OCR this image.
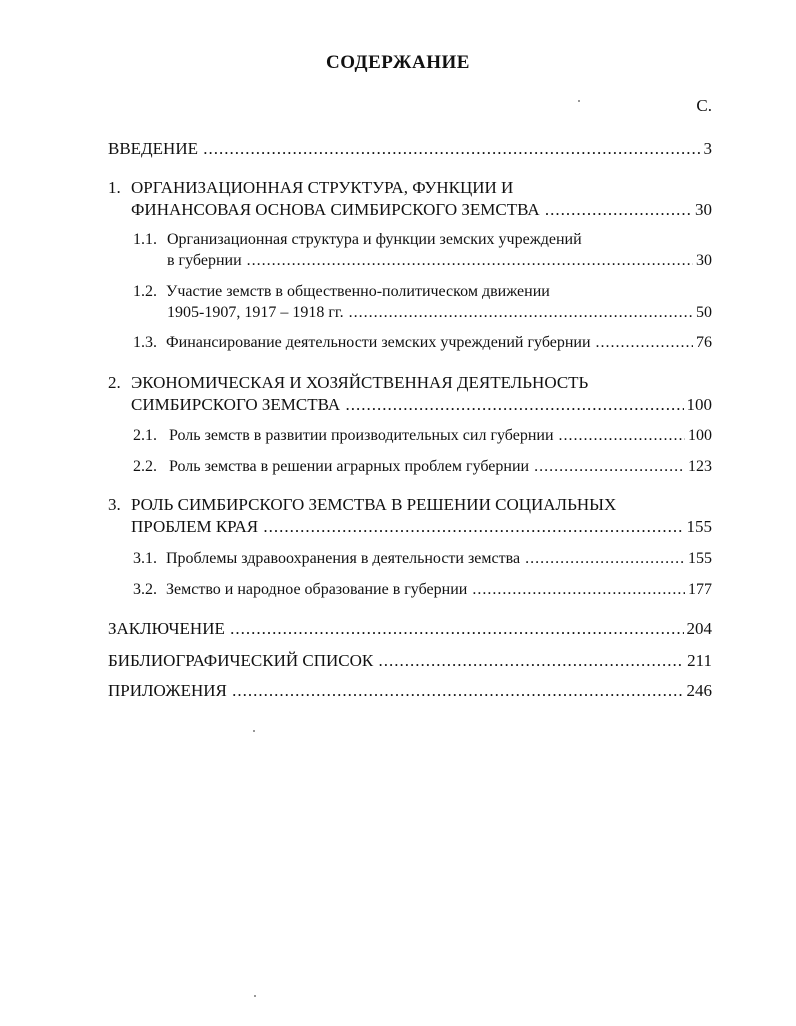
СОДЕРЖАНИЕ
С.
ВВЕДЕНИЕ .....	3
1. ОРГАНИЗАЦИОННАЯ СТРУКТУРА, ФУНКЦИИ И
ФИНАНСОВАЯ ОСНОВА СИМБИРСКОГО ЗЕМСТВА .....	30
1.1. Организационная структура и функции земских учреждений
в губернии .....	30
1.2. Участие земств в общественно-политическом движении
1905-1907, 1917 – 1918 гг. .....	50
1.3. Финансирование деятельности земских учреждений губернии .....	76
2. ЭКОНОМИЧЕСКАЯ И ХОЗЯЙСТВЕННАЯ ДЕЯТЕЛЬНОСТЬ
СИМБИРСКОГО ЗЕМСТВА .....	100
2.1. Роль земств в развитии производительных сил губернии .....	100
2.2. Роль земства в решении аграрных проблем губернии .....	123
3. РОЛЬ СИМБИРСКОГО ЗЕМСТВА В РЕШЕНИИ СОЦИАЛЬНЫХ
ПРОБЛЕМ КРАЯ .....	155
3.1. Проблемы здравоохранения в деятельности земства .....	155
3.2. Земство и народное образование в губернии .....	177
ЗАКЛЮЧЕНИЕ .....	204
БИБЛИОГРАФИЧЕСКИЙ СПИСОК .....	211
ПРИЛОЖЕНИЯ .....	246
